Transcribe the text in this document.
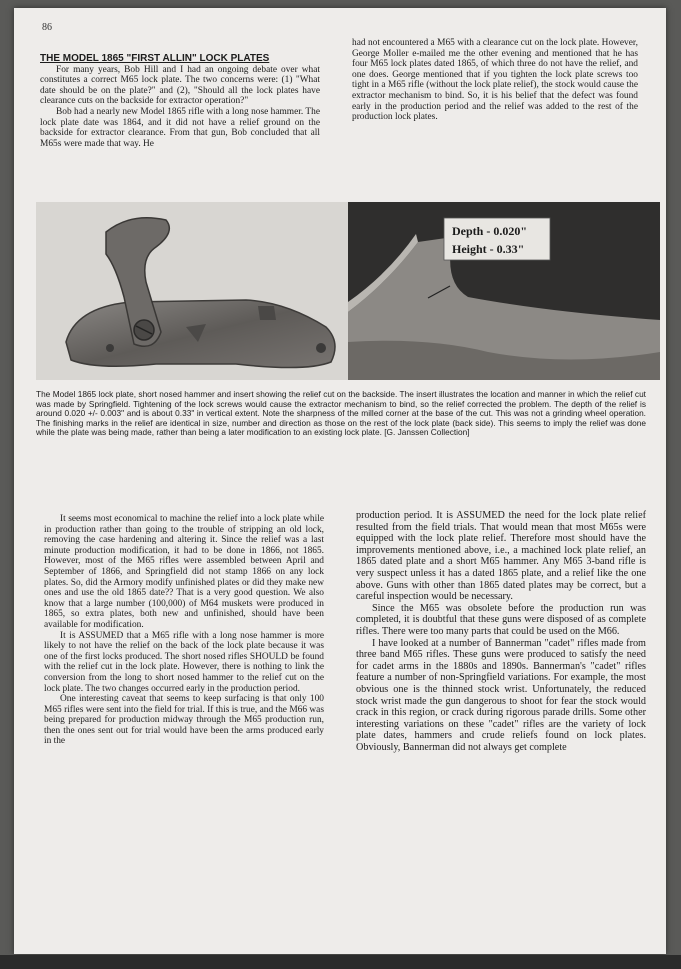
86
THE MODEL 1865 "FIRST ALLIN" LOCK PLATES

For many years, Bob Hill and I had an ongoing debate over what constitutes a correct M65 lock plate. The two concerns were: (1) "What date should be on the plate?" and (2), "Should all the lock plates have clearance cuts on the backside for extractor operation?"

Bob had a nearly new Model 1865 rifle with a long nose hammer. The lock plate date was 1864, and it did not have a relief ground on the backside for extractor clearance. From that gun, Bob concluded that all M65s were made that way. He

had not encountered a M65 with a clearance cut on the lock plate. However, George Moller e-mailed me the other evening and mentioned that he has four M65 lock plates dated 1865, of which three do not have the relief, and one does. George mentioned that if you tighten the lock plate screws too tight in a M65 rifle (without the lock plate relief), the stock would cause the extractor mechanism to bind. So, it is his belief that the defect was found early in the production period and the relief was added to the rest of the production lock plates.

Depth - 0.020"
Height - 0.33"
The Model 1865 lock plate, short nosed hammer and insert showing the relief cut on the backside. The insert illustrates the location and manner in which the relief cut was made by Springfield. Tightening of the lock screws would cause the extractor mechanism to bind, so the relief corrected the problem. The depth of the relief is around 0.020 +/- 0.003" and is about 0.33" in vertical extent. Note the sharpness of the milled corner at the base of the cut. This was not a grinding wheel operation. The finishing marks in the relief are identical in size, number and direction as those on the rest of the lock plate (back side). This seems to imply the relief was done while the plate was being made, rather than being a later modification to an existing lock plate. [G. Janssen Collection]

It seems most economical to machine the relief into a lock plate while in production rather than going to the trouble of stripping an old lock, removing the case hardening and altering it. Since the relief was a last minute production modification, it had to be done in 1866, not 1865. However, most of the M65 rifles were assembled between April and September of 1866, and Springfield did not stamp 1866 on any lock plates. So, did the Armory modify unfinished plates or did they make new ones and use the old 1865 date?? That is a very good question. We also know that a large number (100,000) of M64 muskets were produced in 1865, so extra plates, both new and unfinished, should have been available for modification.

It is ASSUMED that a M65 rifle with a long nose hammer is more likely to not have the relief on the back of the lock plate because it was one of the first locks produced. The short nosed rifles SHOULD be found with the relief cut in the lock plate. However, there is nothing to link the conversion from the long to short nosed hammer to the relief cut on the lock plate. The two changes occurred early in the production period.

One interesting caveat that seems to keep surfacing is that only 100 M65 rifles were sent into the field for trial. If this is true, and the M66 was being prepared for production midway through the M65 production run, then the ones sent out for trial would have been the arms produced early in the

production period. It is ASSUMED the need for the lock plate relief resulted from the field trials. That would mean that most M65s were equipped with the lock plate relief. Therefore most should have the improvements mentioned above, i.e., a machined lock plate relief, an 1865 dated plate and a short M65 hammer. Any M65 3-band rifle is very suspect unless it has a dated 1865 plate, and a relief like the one above. Guns with other than 1865 dated plates may be correct, but a careful inspection would be necessary.

Since the M65 was obsolete before the production run was completed, it is doubtful that these guns were disposed of as complete rifles. There were too many parts that could be used on the M66.

I have looked at a number of Bannerman "cadet" rifles made from three band M65 rifles. These guns were produced to satisfy the need for cadet arms in the 1880s and 1890s. Bannerman's "cadet" rifles feature a number of non-Springfield variations. For example, the most obvious one is the thinned stock wrist. Unfortunately, the reduced stock wrist made the gun dangerous to shoot for fear the stock would crack in this region, or crack during rigorous parade drills. Some other interesting variations on these "cadet" rifles are the variety of lock plate dates, hammers and crude reliefs found on lock plates. Obviously, Bannerman did not always get complete
